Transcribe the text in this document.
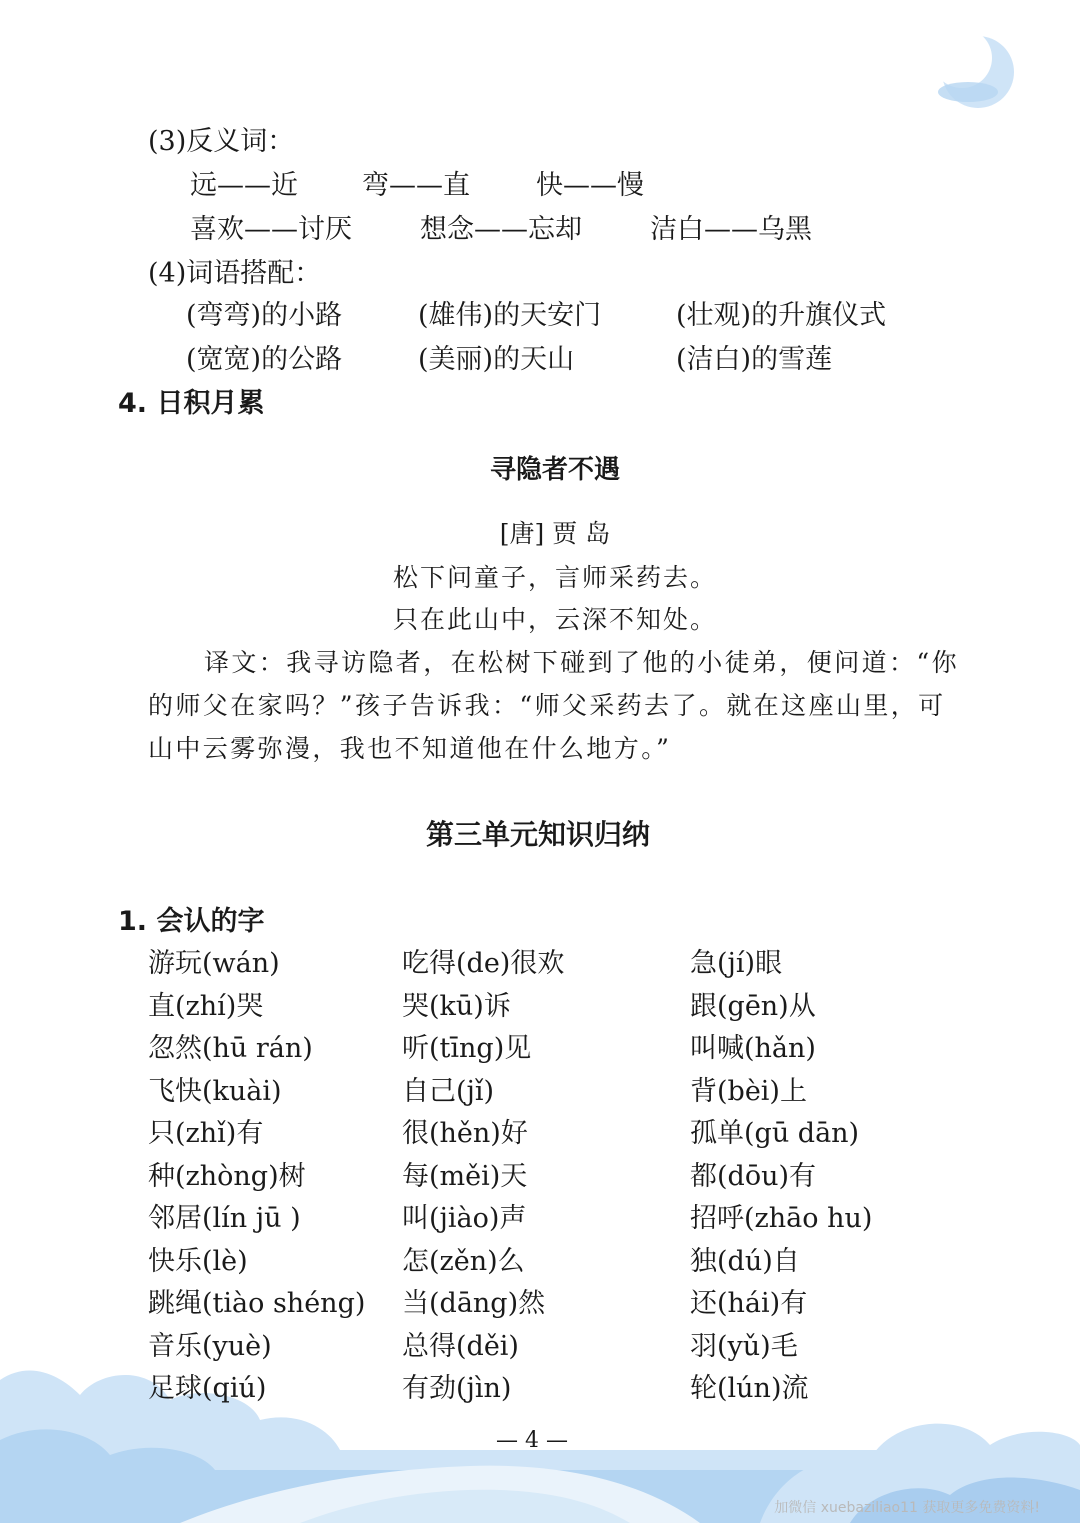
(3)反义词：
远——近 弯——直 快——慢
喜欢——讨厌	想念——忘却	洁白——乌黑
(4)词语搭配：
(弯弯)的小路	(雄伟)的天安门	(壮观)的升旗仪式
(宽宽)的公路	(美丽)的天山	(洁白)的雪莲
4. 日积月累
寻隐者不遇
[唐] 贾 岛
松下问童子，言师采药去。
只在此山中，云深不知处。
译文：我寻访隐者，在松树下碰到了他的小徒弟，便问道：“你
的师父在家吗？”孩子告诉我：“师父采药去了。就在这座山里，可
山中云雾弥漫，我也不知道他在什么地方。”
第三单元知识归纳
1. 会认的字
游玩(wán)	吃得(de)很欢	急(jí)眼
直(zhí)哭	哭(kū)诉	跟(gēn)从
忽然(hū rán)	听(tīng)见	叫喊(hǎn)
飞快(kuài)	自己(jǐ)	背(bèi)上
只(zhǐ)有	很(hěn)好	孤单(gū dān)
种(zhòng)树	每(měi)天	都(dōu)有
邻居(lín jū )	叫(jiào)声	招呼(zhāo hu)
快乐(lè)	怎(zěn)么	独(dú)自
跳绳(tiào shéng) 当(dāng)然	还(hái)有
音乐(yuè)	总得(děi)	羽(yǔ)毛
足球(qiú)	有劲(jìn)	轮(lún)流
— 4 —
加微信 xuebaziliao11 获取更多免费资料!
